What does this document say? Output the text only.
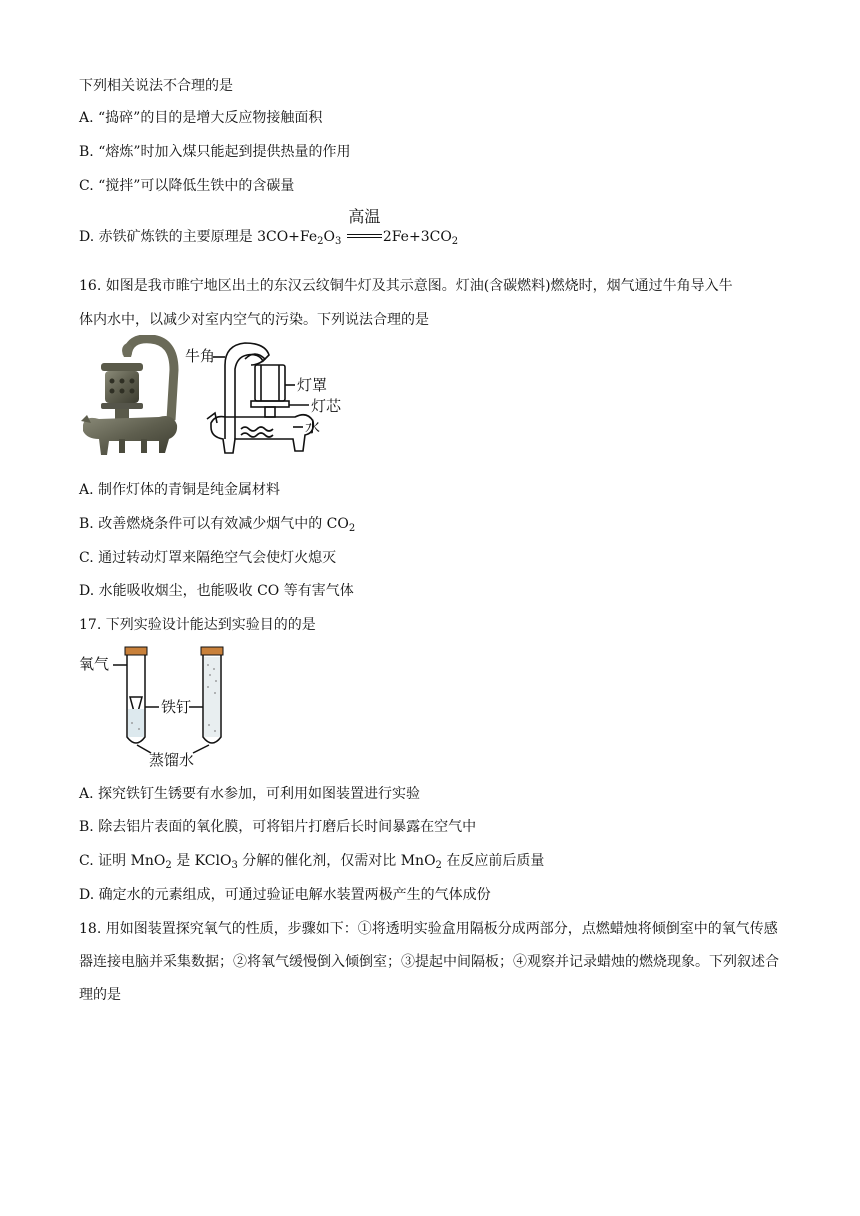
下列相关说法不合理的是
A. “捣碎”的目的是增大反应物接触面积
B. “熔炼”时加入煤只能起到提供热量的作用
C. “搅拌”可以降低生铁中的含碳量
D. 赤铁矿炼铁的主要原理是 $3CO+Fe_2O_3$
高温
$2Fe+3CO_2$
16. 如图是我市睢宁地区出土的东汉云纹铜牛灯及其示意图。灯油(含碳燃料)燃烧时，烟气通过牛角导入牛
体内水中，以减少对室内空气的污染。下列说法合理的是
牛角
灯罩
灯芯
水
A. 制作灯体的青铜是纯金属材料
B. 改善燃烧条件可以有效减少烟气中的 $CO_2$
C. 通过转动灯罩来隔绝空气会使灯火熄灭
D. 水能吸收烟尘，也能吸收 CO 等有害气体
17. 下列实验设计能达到实验目的的是
氧气
铁钉
蒸馏水
A. 探究铁钉生锈要有水参加，可利用如图装置进行实验
B. 除去铝片表面的氧化膜，可将铝片打磨后长时间暴露在空气中
C. 证明 MnO$_2$ 是 KClO$_3$ 分解的催化剂，仅需对比 MnO$_2$ 在反应前后质量
D. 确定水的元素组成，可通过验证电解水装置两极产生的气体成份
18. 用如图装置探究氧气的性质，步骤如下：①将透明实验盒用隔板分成两部分，点燃蜡烛将倾倒室中的氧气传感器连接电脑并采集数据；②将氧气缓慢倒入倾倒室；③提起中间隔板；④观察并记录蜡烛的燃烧现象。下列叙述合理的是
